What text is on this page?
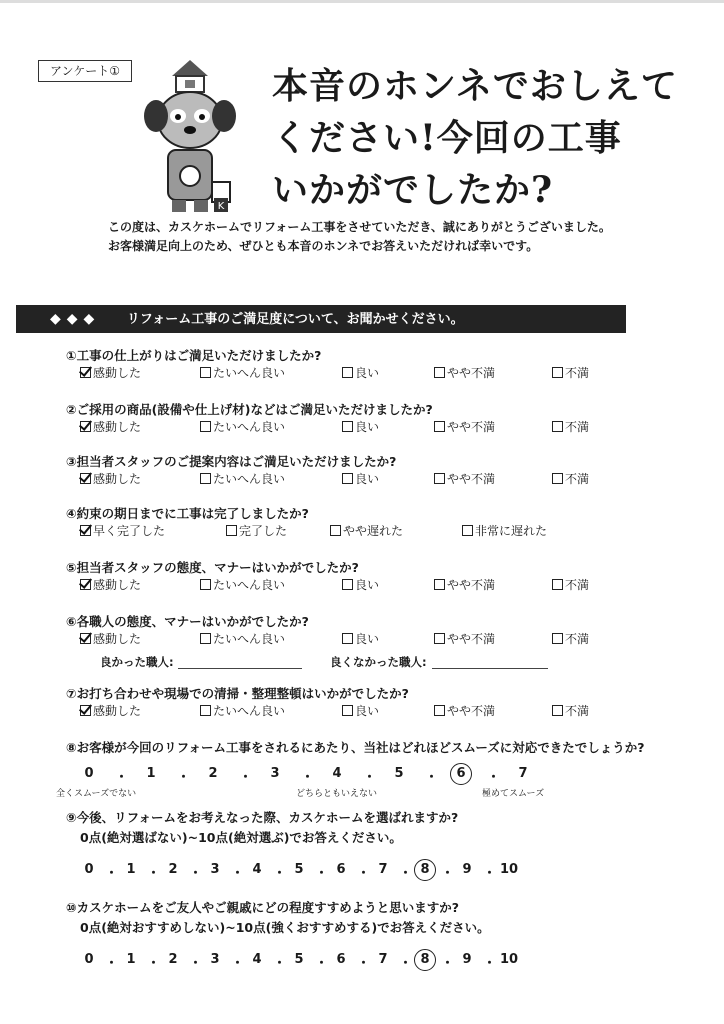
アンケート①
K
本音のホンネでおしえて
ください!今回の工事
いかがでしたか?
この度は、カスケホームでリフォーム工事をさせていただき、誠にありがとうございました。
お客様満足向上のため、ぜひとも本音のホンネでお答えいただければ幸いです。
◆◆◆ リフォーム工事のご満足度について、お聞かせください。
①工事の仕上がりはご満足いただけましたか?
感動した	たいへん良い	良い	やや不満	不満
②ご採用の商品(設備や仕上げ材)などはご満足いただけましたか?
感動した	たいへん良い	良い	やや不満	不満
③担当者スタッフのご提案内容はご満足いただけましたか?
感動した	たいへん良い	良い	やや不満	不満
④約束の期日までに工事は完了しましたか?
早く完了した	完了した	やや遅れた	非常に遅れた
⑤担当者スタッフの態度、マナーはいかがでしたか?
感動した	たいへん良い	良い	やや不満	不満
⑥各職人の態度、マナーはいかがでしたか?
感動した	たいへん良い	良い	やや不満	不満
⑦お打ち合わせや現場での清掃・整理整頓はいかがでしたか?
感動した	たいへん良い	良い	やや不満	不満
良かった職人:	良くなかった職人:
⑧お客様が今回のリフォーム工事をされるにあたり、当社はどれほどスムーズに対応できたでしょうか?
0	・	1	・	2	・	3	・	4	・	5	・	6	・	7
全くスムーズでない	どちらともいえない	極めてスムーズ
⑨今後、リフォームをお考えなった際、カスケホームを選ばれますか?
0点(絶対選ばない)~10点(絶対選ぶ)でお答えください。
0 ・ 1 ・ 2 ・ 3 ・ 4 ・ 5 ・ 6 ・ 7 ・ 8 ・ 9 ・ 10
⑩カスケホームをご友人やご親戚にどの程度すすめようと思いますか?
0点(絶対おすすめしない)~10点(強くおすすめする)でお答えください。
0 ・ 1 ・ 2 ・ 3 ・ 4 ・ 5 ・ 6 ・ 7 ・ 8 ・ 9 ・ 10
